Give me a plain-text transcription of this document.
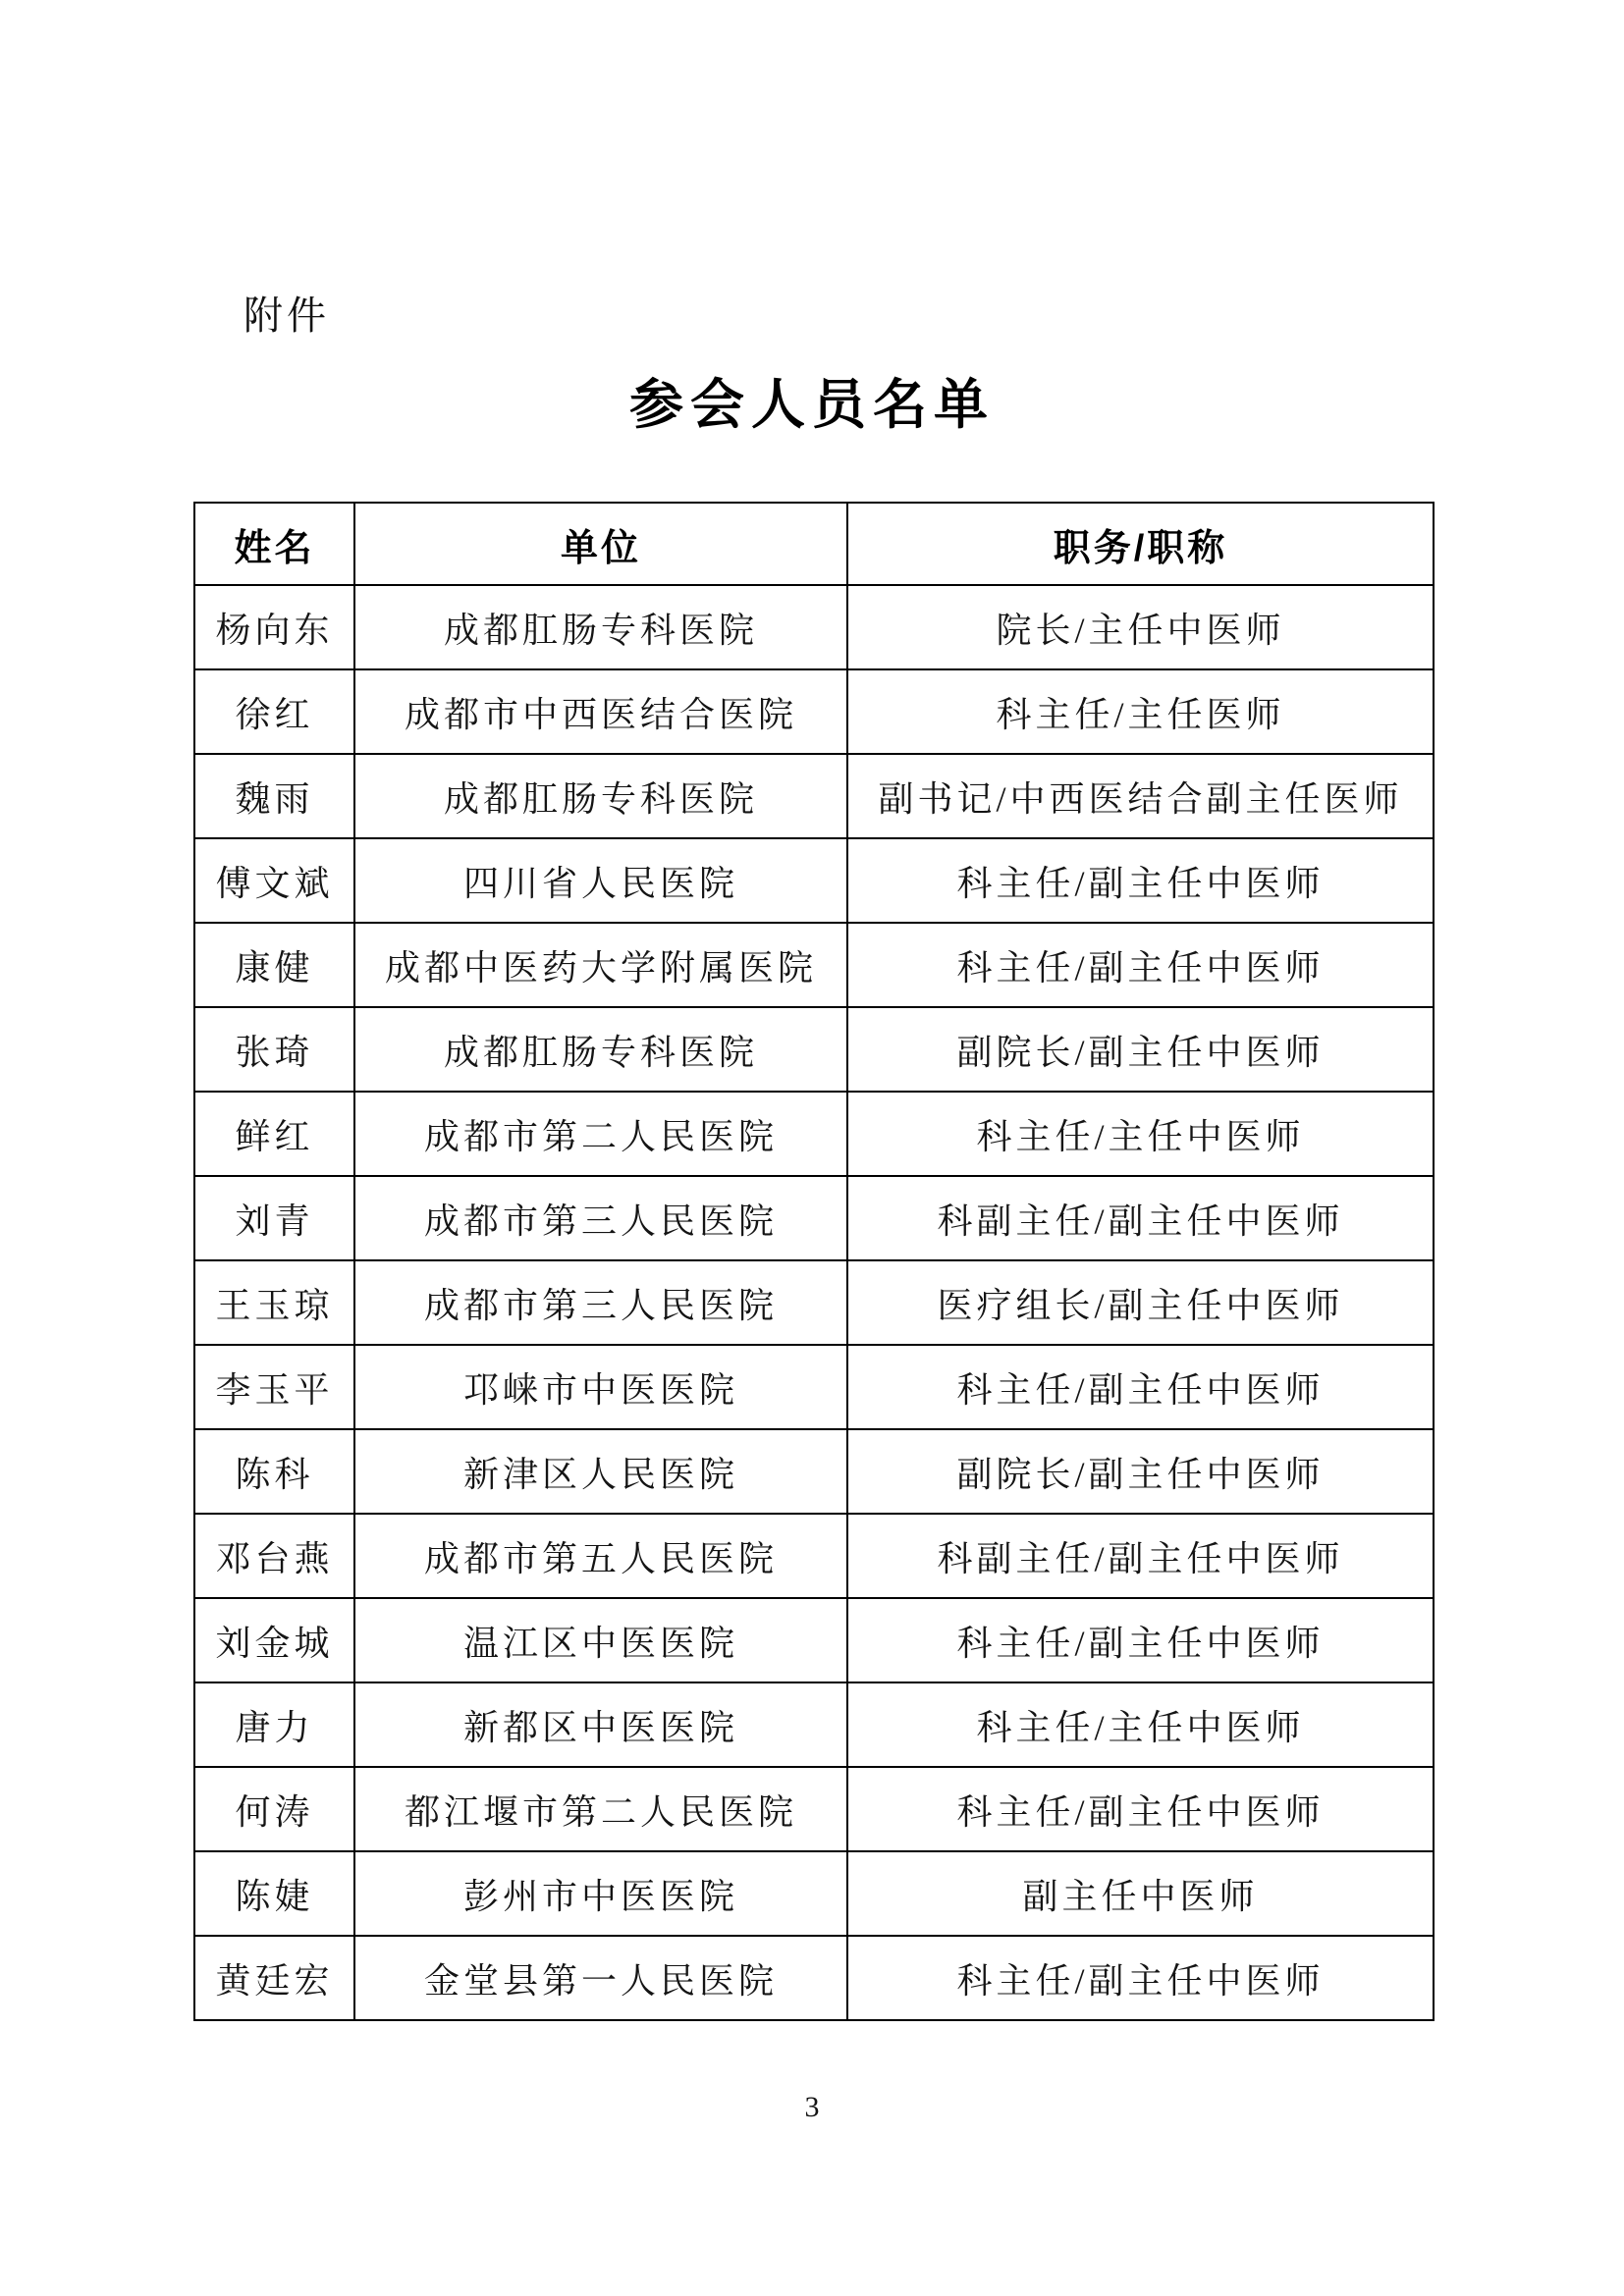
附件
参会人员名单
姓名	单位	职务/职称
杨向东	成都肛肠专科医院	院长/主任中医师
徐红	成都市中西医结合医院	科主任/主任医师
魏雨	成都肛肠专科医院	副书记/中西医结合副主任医师
傅文斌	四川省人民医院	科主任/副主任中医师
康健	成都中医药大学附属医院	科主任/副主任中医师
张琦	成都肛肠专科医院	副院长/副主任中医师
鲜红	成都市第二人民医院	科主任/主任中医师
刘青	成都市第三人民医院	科副主任/副主任中医师
王玉琼	成都市第三人民医院	医疗组长/副主任中医师
李玉平	邛崃市中医医院	科主任/副主任中医师
陈科	新津区人民医院	副院长/副主任中医师
邓台燕	成都市第五人民医院	科副主任/副主任中医师
刘金城	温江区中医医院	科主任/副主任中医师
唐力	新都区中医医院	科主任/主任中医师
何涛	都江堰市第二人民医院	科主任/副主任中医师
陈婕	彭州市中医医院	副主任中医师
黄廷宏	金堂县第一人民医院	科主任/副主任中医师
3
